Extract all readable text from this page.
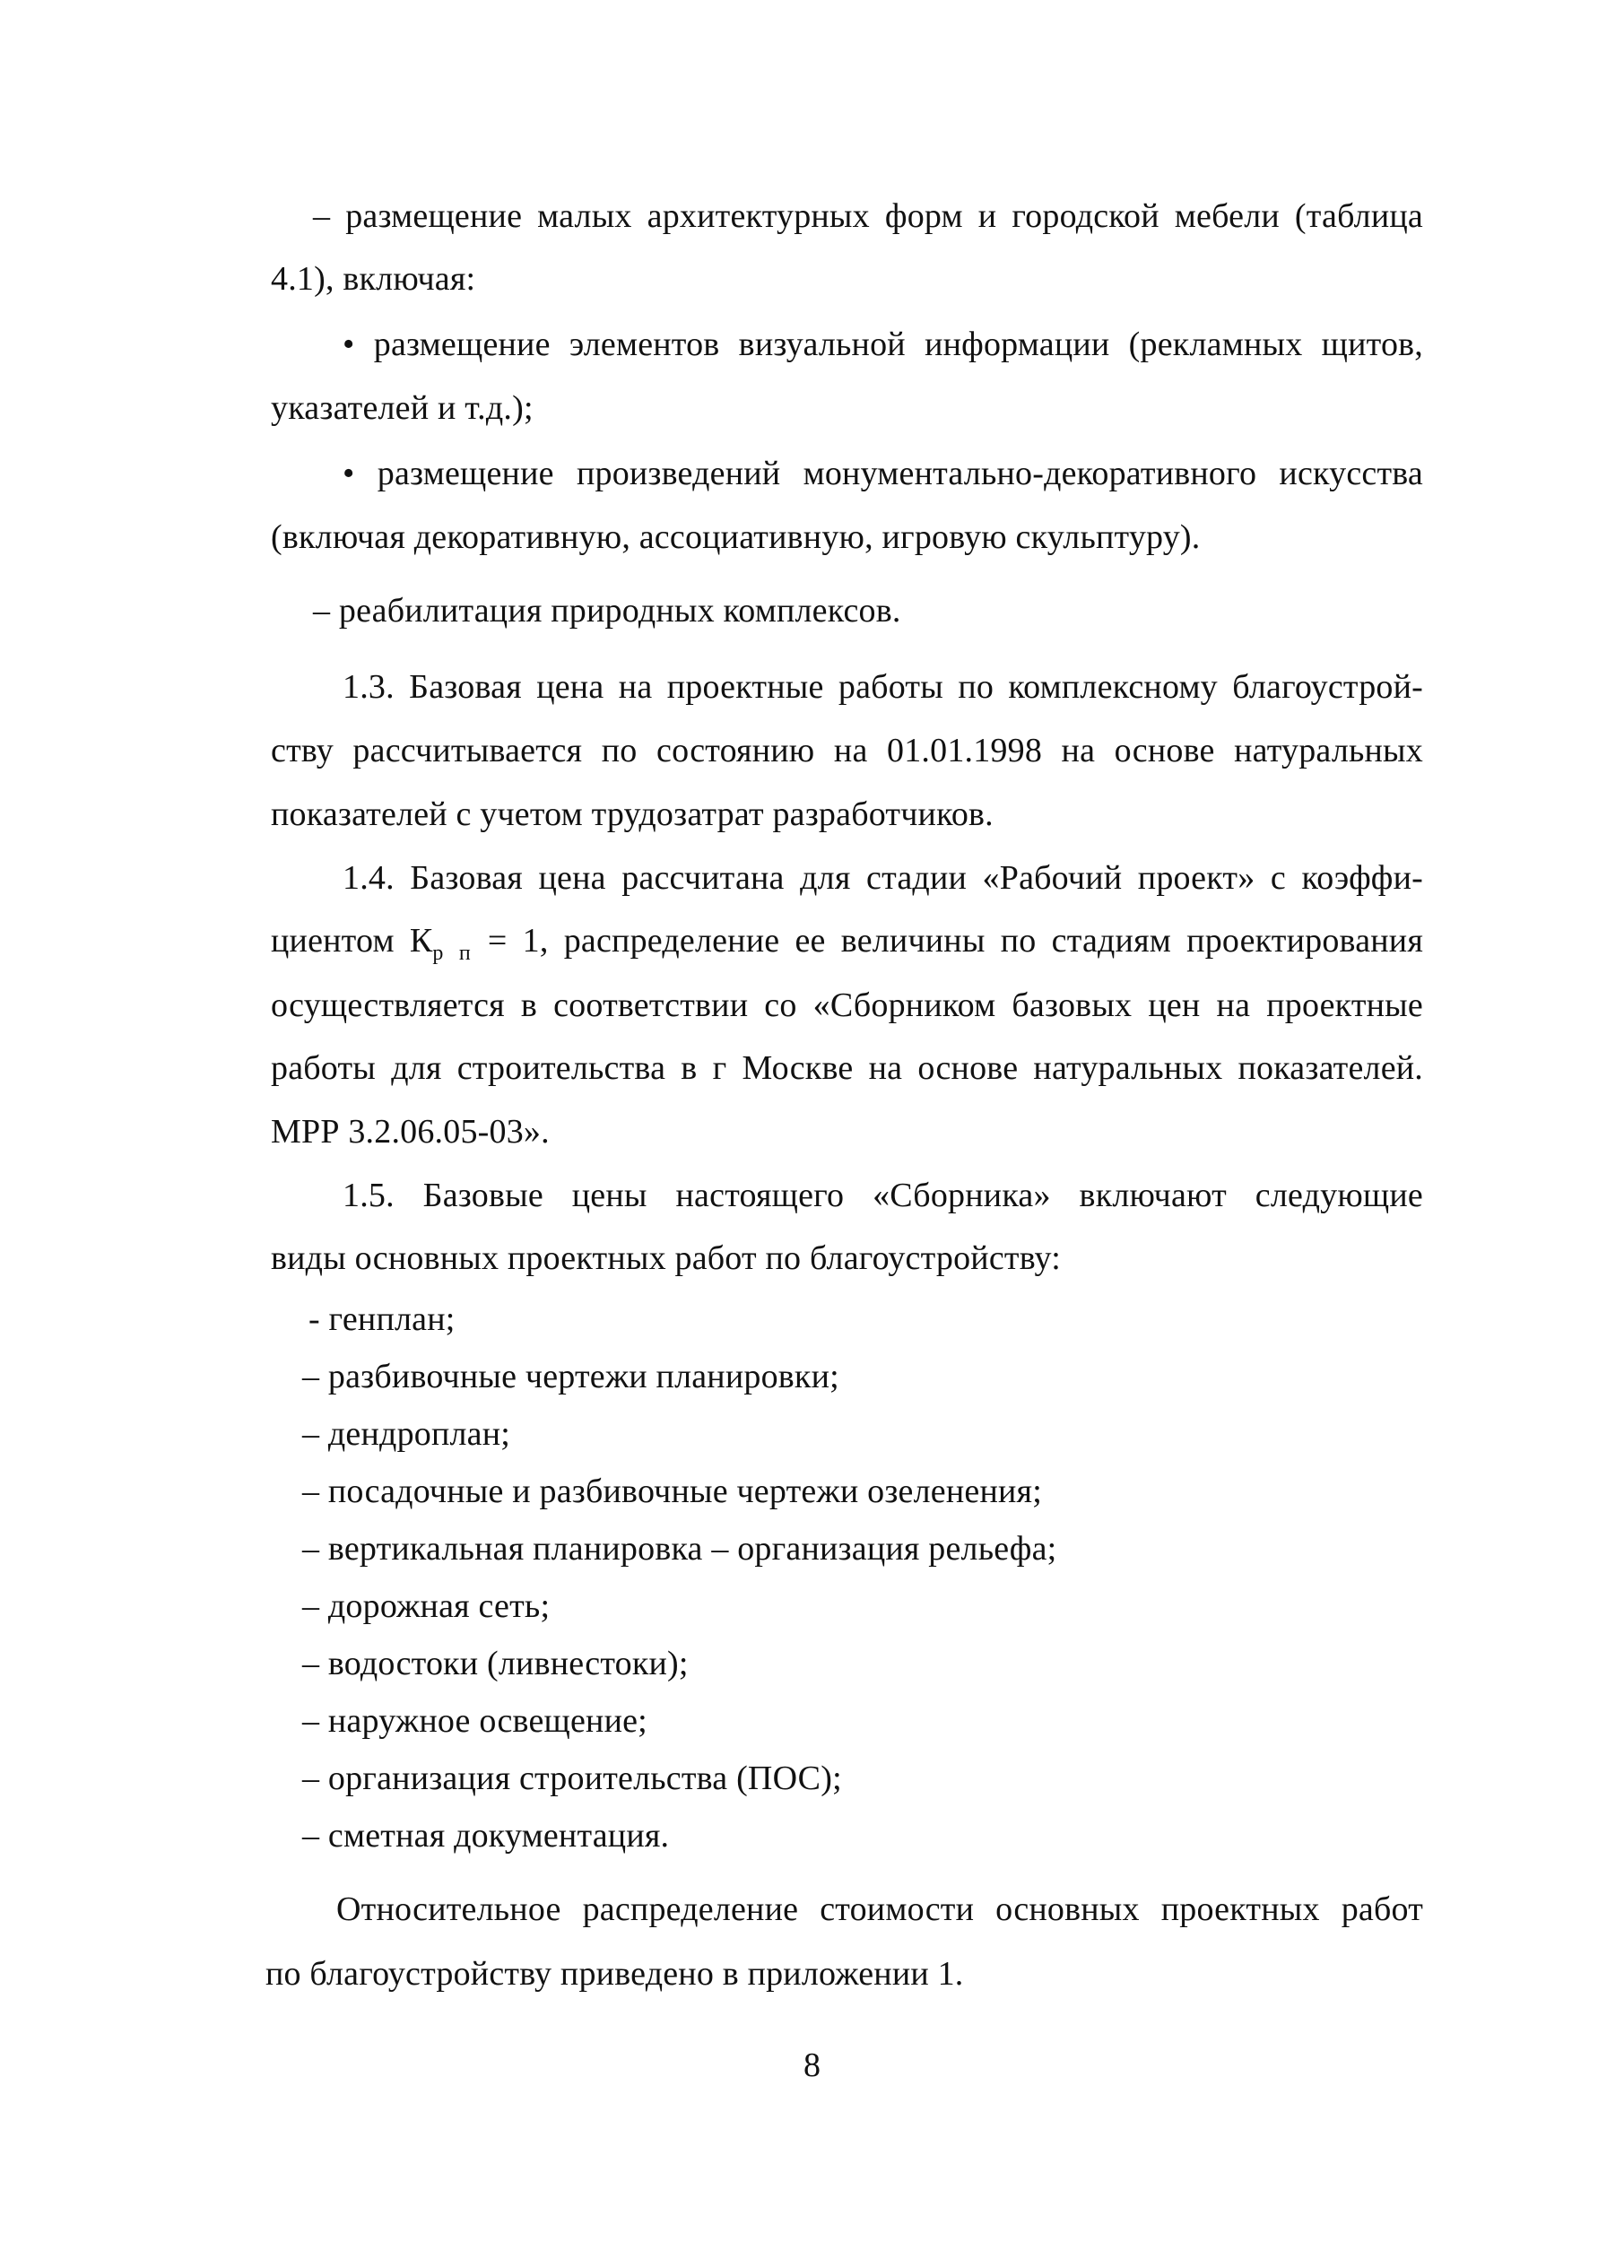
– размещение малых архитектурных форм и городской мебели (таблица
4.1), включая:
• размещение элементов визуальной информации (рекламных щитов,
указателей и т.д.);
• размещение произведений монументально-декоративного искусства
(включая декоративную, ассоциативную, игровую скульптуру).
– реабилитация природных комплексов.
1.3. Базовая цена на проектные работы по комплексному благоустрой-
ству рассчитывается по состоянию на 01.01.1998 на основе натуральных
показателей с учетом трудозатрат разработчиков.
1.4. Базовая цена рассчитана для стадии «Рабочий проект» с коэффи-
циентом $К_{р п} = 1$, распределение ее величины по стадиям проектирования
осуществляется в соответствии со «Сборником базовых цен на проектные
работы для строительства в г Москве на основе натуральных показателей.
МРР 3.2.06.05-03».
1.5. Базовые цены настоящего «Сборника» включают следующие
виды основных проектных работ по благоустройству:
- генплан;
– разбивочные чертежи планировки;
– дендроплан;
– посадочные и разбивочные чертежи озеленения;
– вертикальная планировка – организация рельефа;
– дорожная сеть;
– водостоки (ливнестоки);
– наружное освещение;
– организация строительства (ПОС);
– сметная документация.
Относительное распределение стоимости основных проектных работ
по благоустройству приведено в приложении 1.
8
